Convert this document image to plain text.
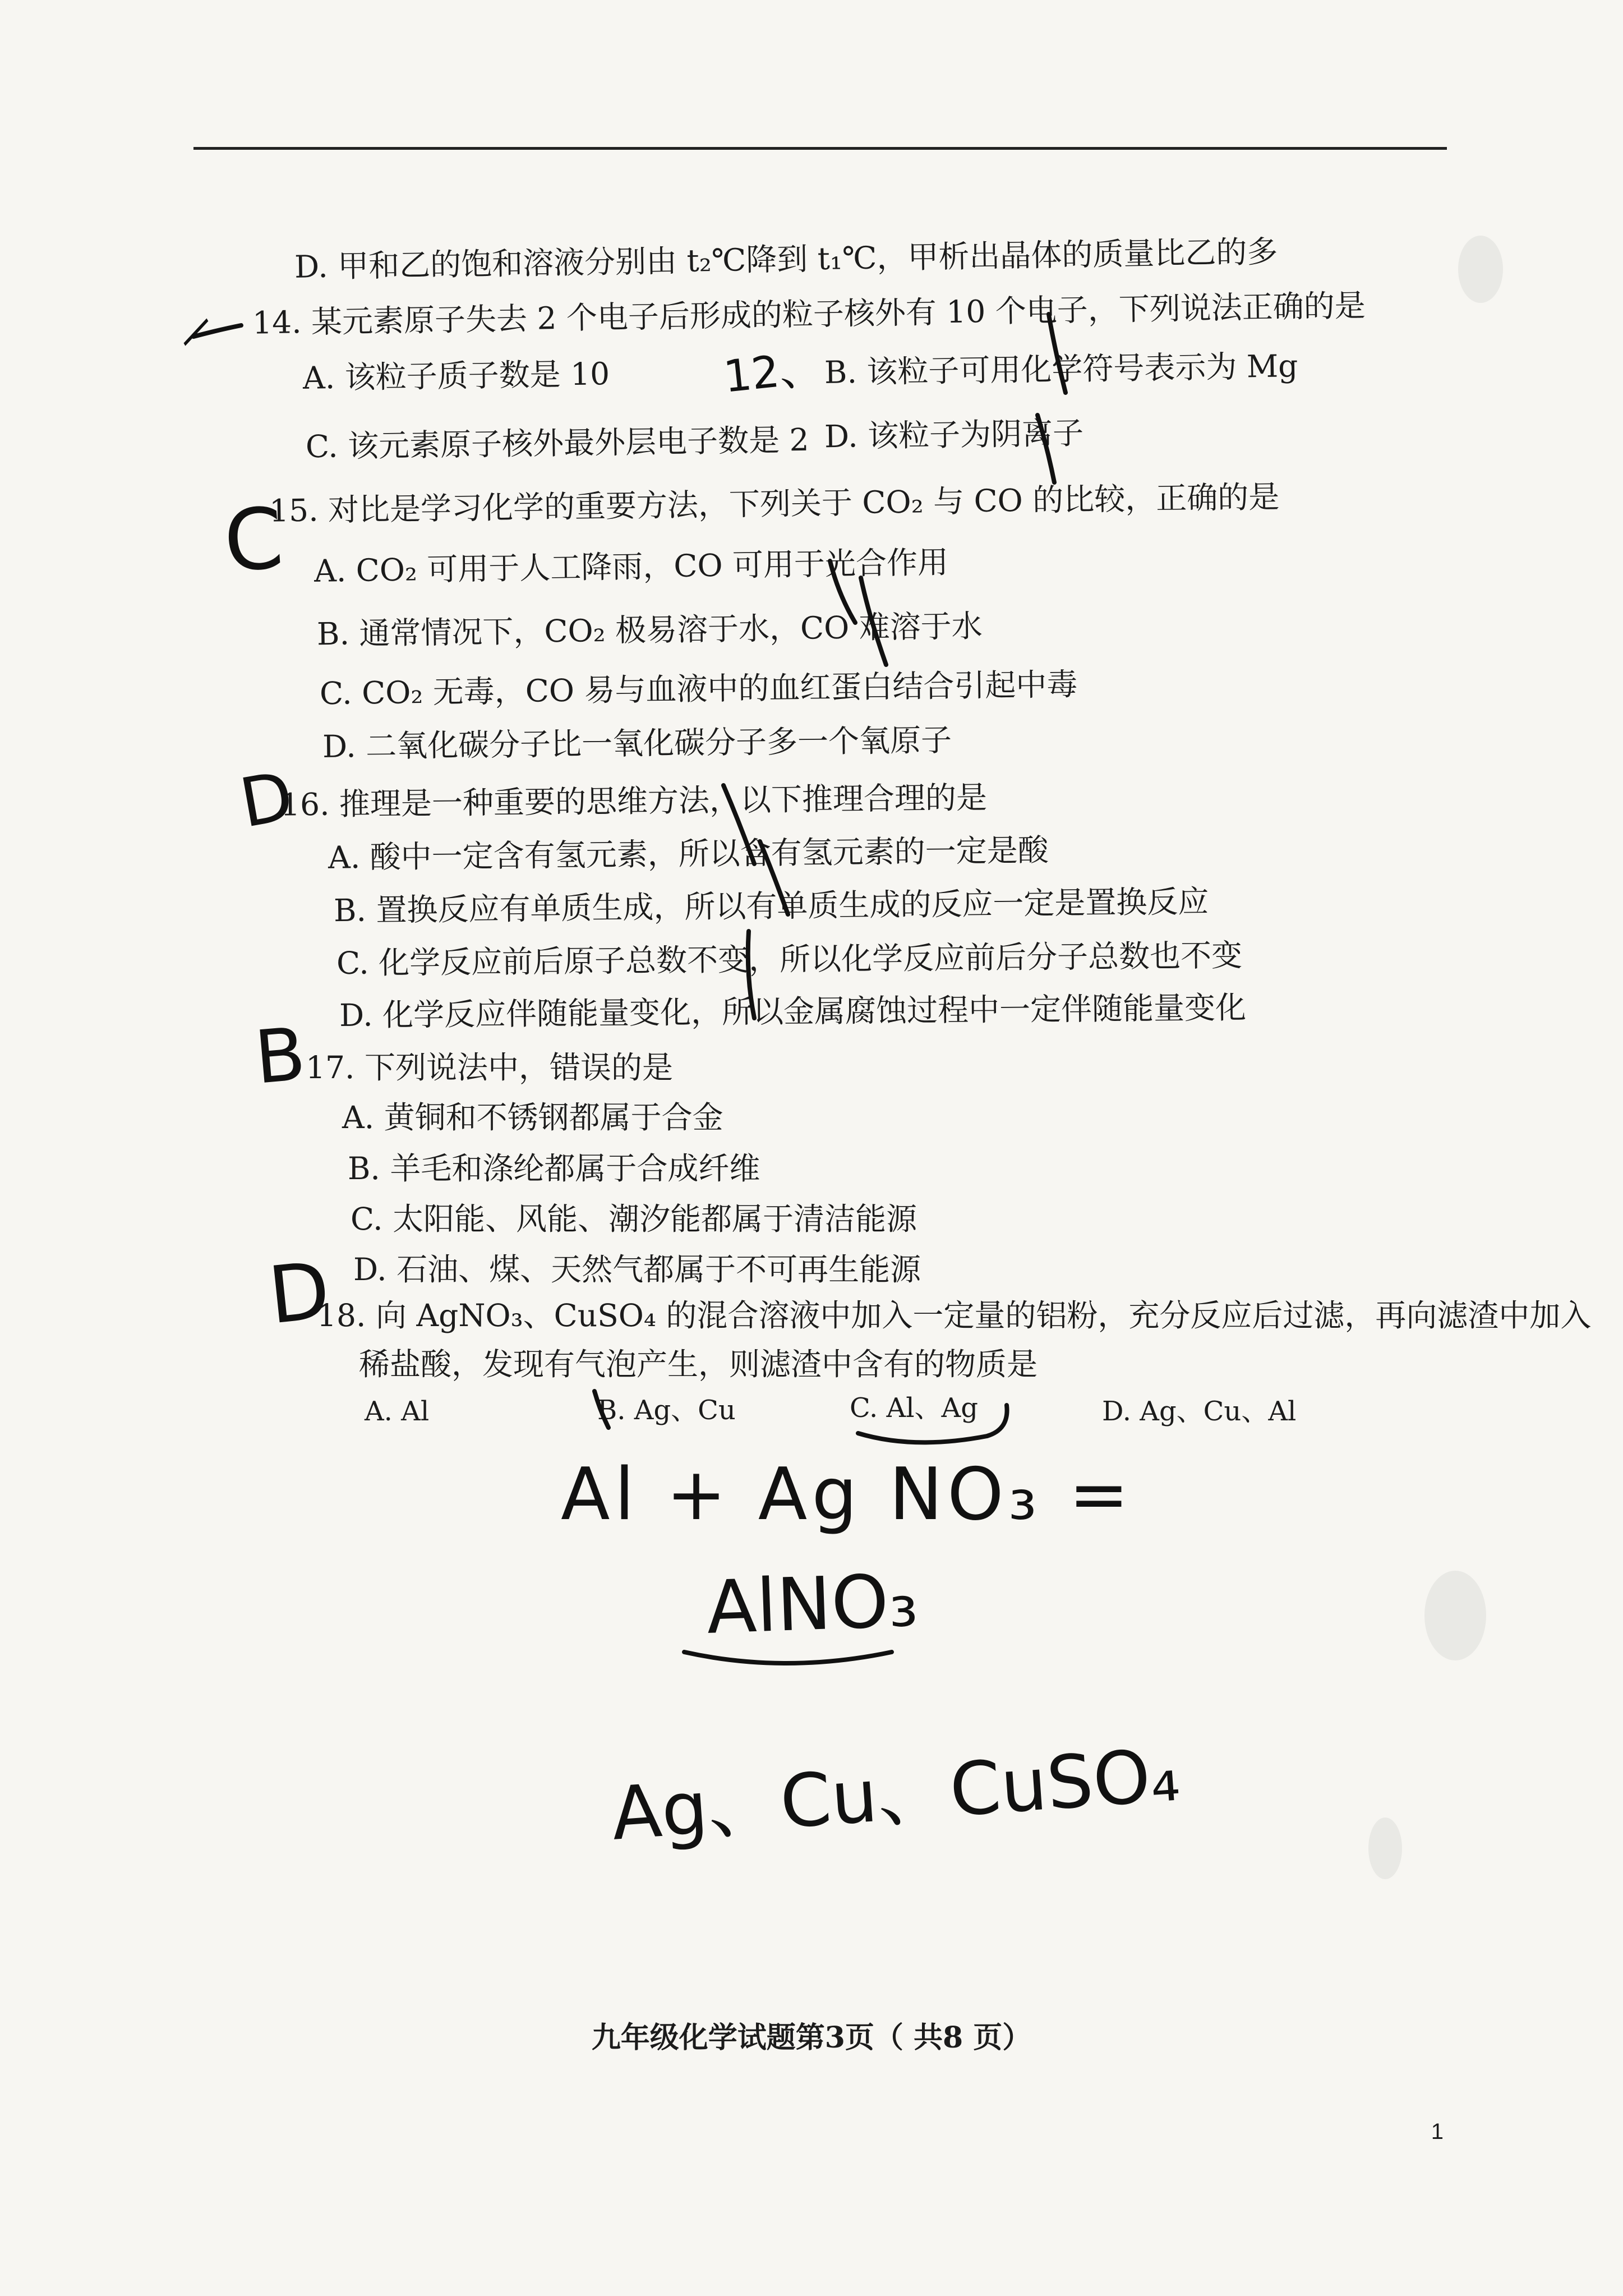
D. 甲和乙的饱和溶液分别由 t₂℃降到 t₁℃，甲析出晶体的质量比乙的多
14. 某元素原子失去 2 个电子后形成的粒子核外有 10 个电子，下列说法正确的是
A. 该粒子质子数是 10	B. 该粒子可用化学符号表示为 Mg
C. 该元素原子核外最外层电子数是 2 D. 该粒子为阴离子
15. 对比是学习化学的重要方法，下列关于 CO₂ 与 CO 的比较，正确的是
A. CO₂ 可用于人工降雨，CO 可用于光合作用
B. 通常情况下，CO₂ 极易溶于水，CO 难溶于水
C. CO₂ 无毒，CO 易与血液中的血红蛋白结合引起中毒
D. 二氧化碳分子比一氧化碳分子多一个氧原子
16. 推理是一种重要的思维方法，以下推理合理的是
A. 酸中一定含有氢元素，所以含有氢元素的一定是酸
B. 置换反应有单质生成，所以有单质生成的反应一定是置换反应
C. 化学反应前后原子总数不变，所以化学反应前后分子总数也不变
D. 化学反应伴随能量变化，所以金属腐蚀过程中一定伴随能量变化
17. 下列说法中，错误的是
A. 黄铜和不锈钢都属于合金
B. 羊毛和涤纶都属于合成纤维
C. 太阳能、风能、潮汐能都属于清洁能源
D. 石油、煤、天然气都属于不可再生能源
18. 向 AgNO₃、CuSO₄ 的混合溶液中加入一定量的铝粉，充分反应后过滤，再向滤渣中加入
稀盐酸，发现有气泡产生，则滤渣中含有的物质是
A. Al	B. Ag、Cu	C. Al、Ag	D. Ag、Cu、Al
C
D
B
D
12、
\
Al + Ag NO₃ =
AlNO₃
Ag、Cu、CuSO₄
九年级化学试题第3页（ 共8 页）
1
